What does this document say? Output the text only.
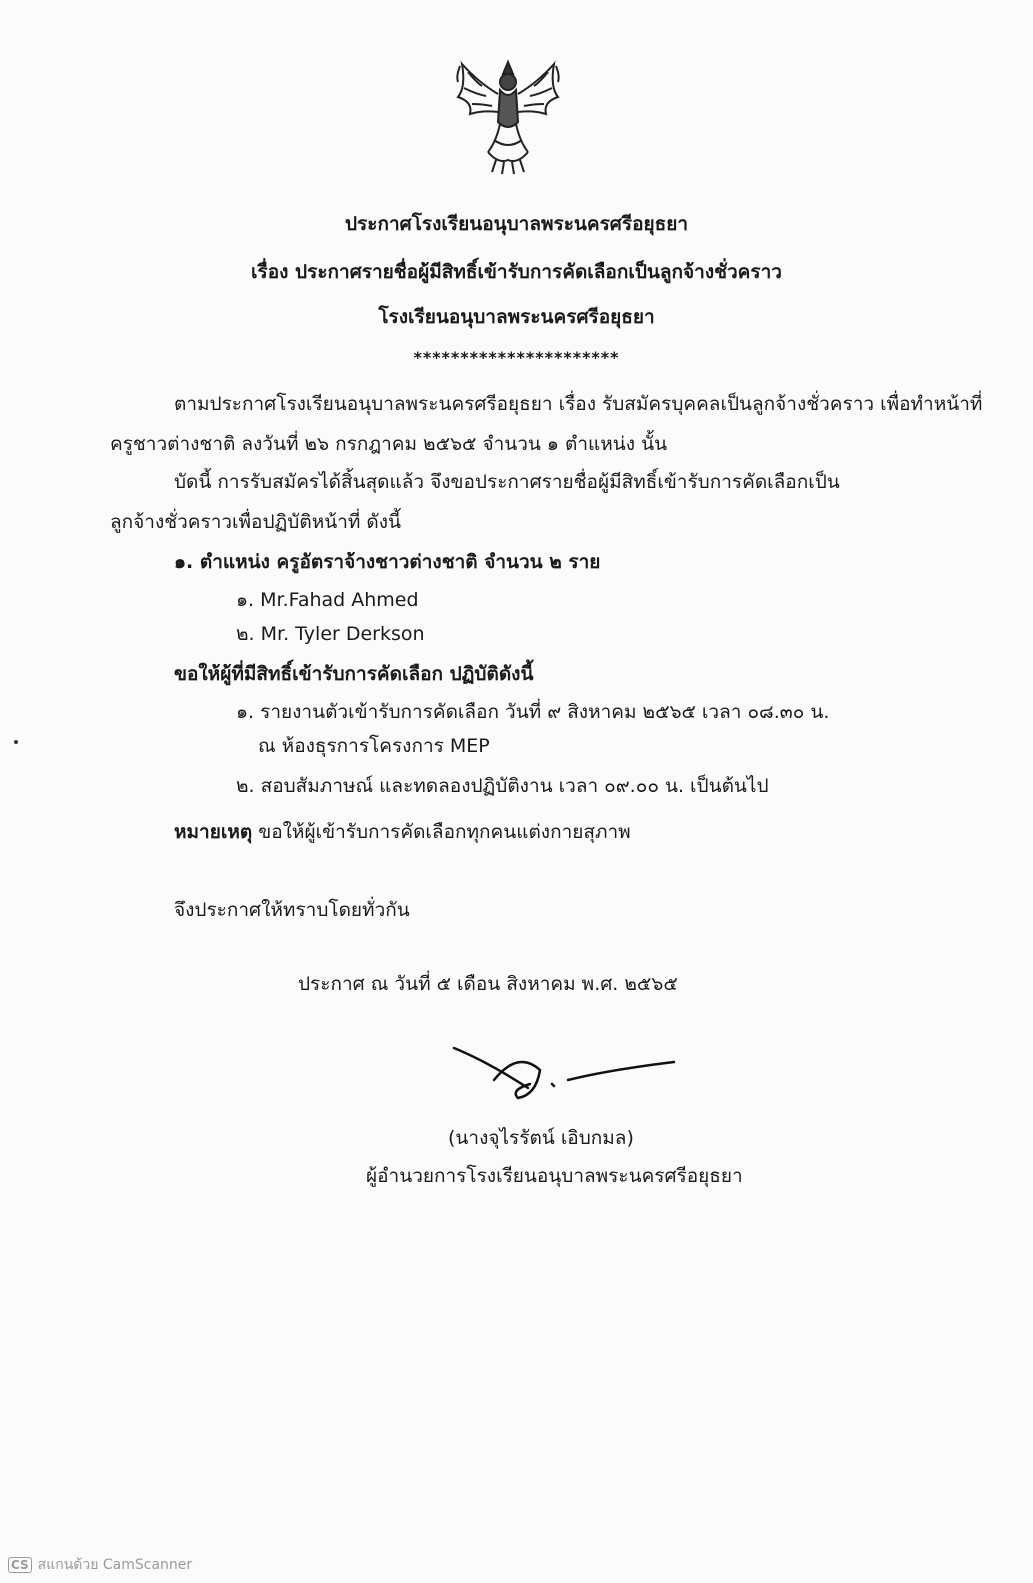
ประกาศโรงเรียนอนุบาลพระนครศรีอยุธยา
เรื่อง ประกาศรายชื่อผู้มีสิทธิ์เข้ารับการคัดเลือกเป็นลูกจ้างชั่วคราว
โรงเรียนอนุบาลพระนครศรีอยุธยา
**********************
ตามประกาศโรงเรียนอนุบาลพระนครศรีอยุธยา เรื่อง รับสมัครบุคคลเป็นลูกจ้างชั่วคราว เพื่อทำหน้าที่
ครูชาวต่างชาติ ลงวันที่ ๒๖ กรกฎาคม ๒๕๖๕ จำนวน ๑ ตำแหน่ง นั้น
บัดนี้ การรับสมัครได้สิ้นสุดแล้ว จึงขอประกาศรายชื่อผู้มีสิทธิ์เข้ารับการคัดเลือกเป็น
ลูกจ้างชั่วคราวเพื่อปฏิบัติหน้าที่ ดังนี้
๑. ตำแหน่ง ครูอัตราจ้างชาวต่างชาติ จำนวน ๒ ราย
๑. Mr.Fahad Ahmed
๒. Mr. Tyler Derkson
ขอให้ผู้ที่มีสิทธิ์เข้ารับการคัดเลือก ปฏิบัติดังนี้
๑. รายงานตัวเข้ารับการคัดเลือก วันที่ ๙ สิงหาคม ๒๕๖๕ เวลา ๐๘.๓๐ น.
ณ ห้องธุรการโครงการ MEP
๒. สอบสัมภาษณ์ และทดลองปฏิบัติงาน เวลา ๐๙.๐๐ น. เป็นต้นไป
หมายเหตุ ขอให้ผู้เข้ารับการคัดเลือกทุกคนแต่งกายสุภาพ
จึงประกาศให้ทราบโดยทั่วกัน
ประกาศ ณ วันที่ ๕ เดือน สิงหาคม พ.ศ. ๒๕๖๕
(นางจุไรรัตน์ เอิบกมล)
ผู้อำนวยการโรงเรียนอนุบาลพระนครศรีอยุธยา
CS สแกนด้วย CamScanner
